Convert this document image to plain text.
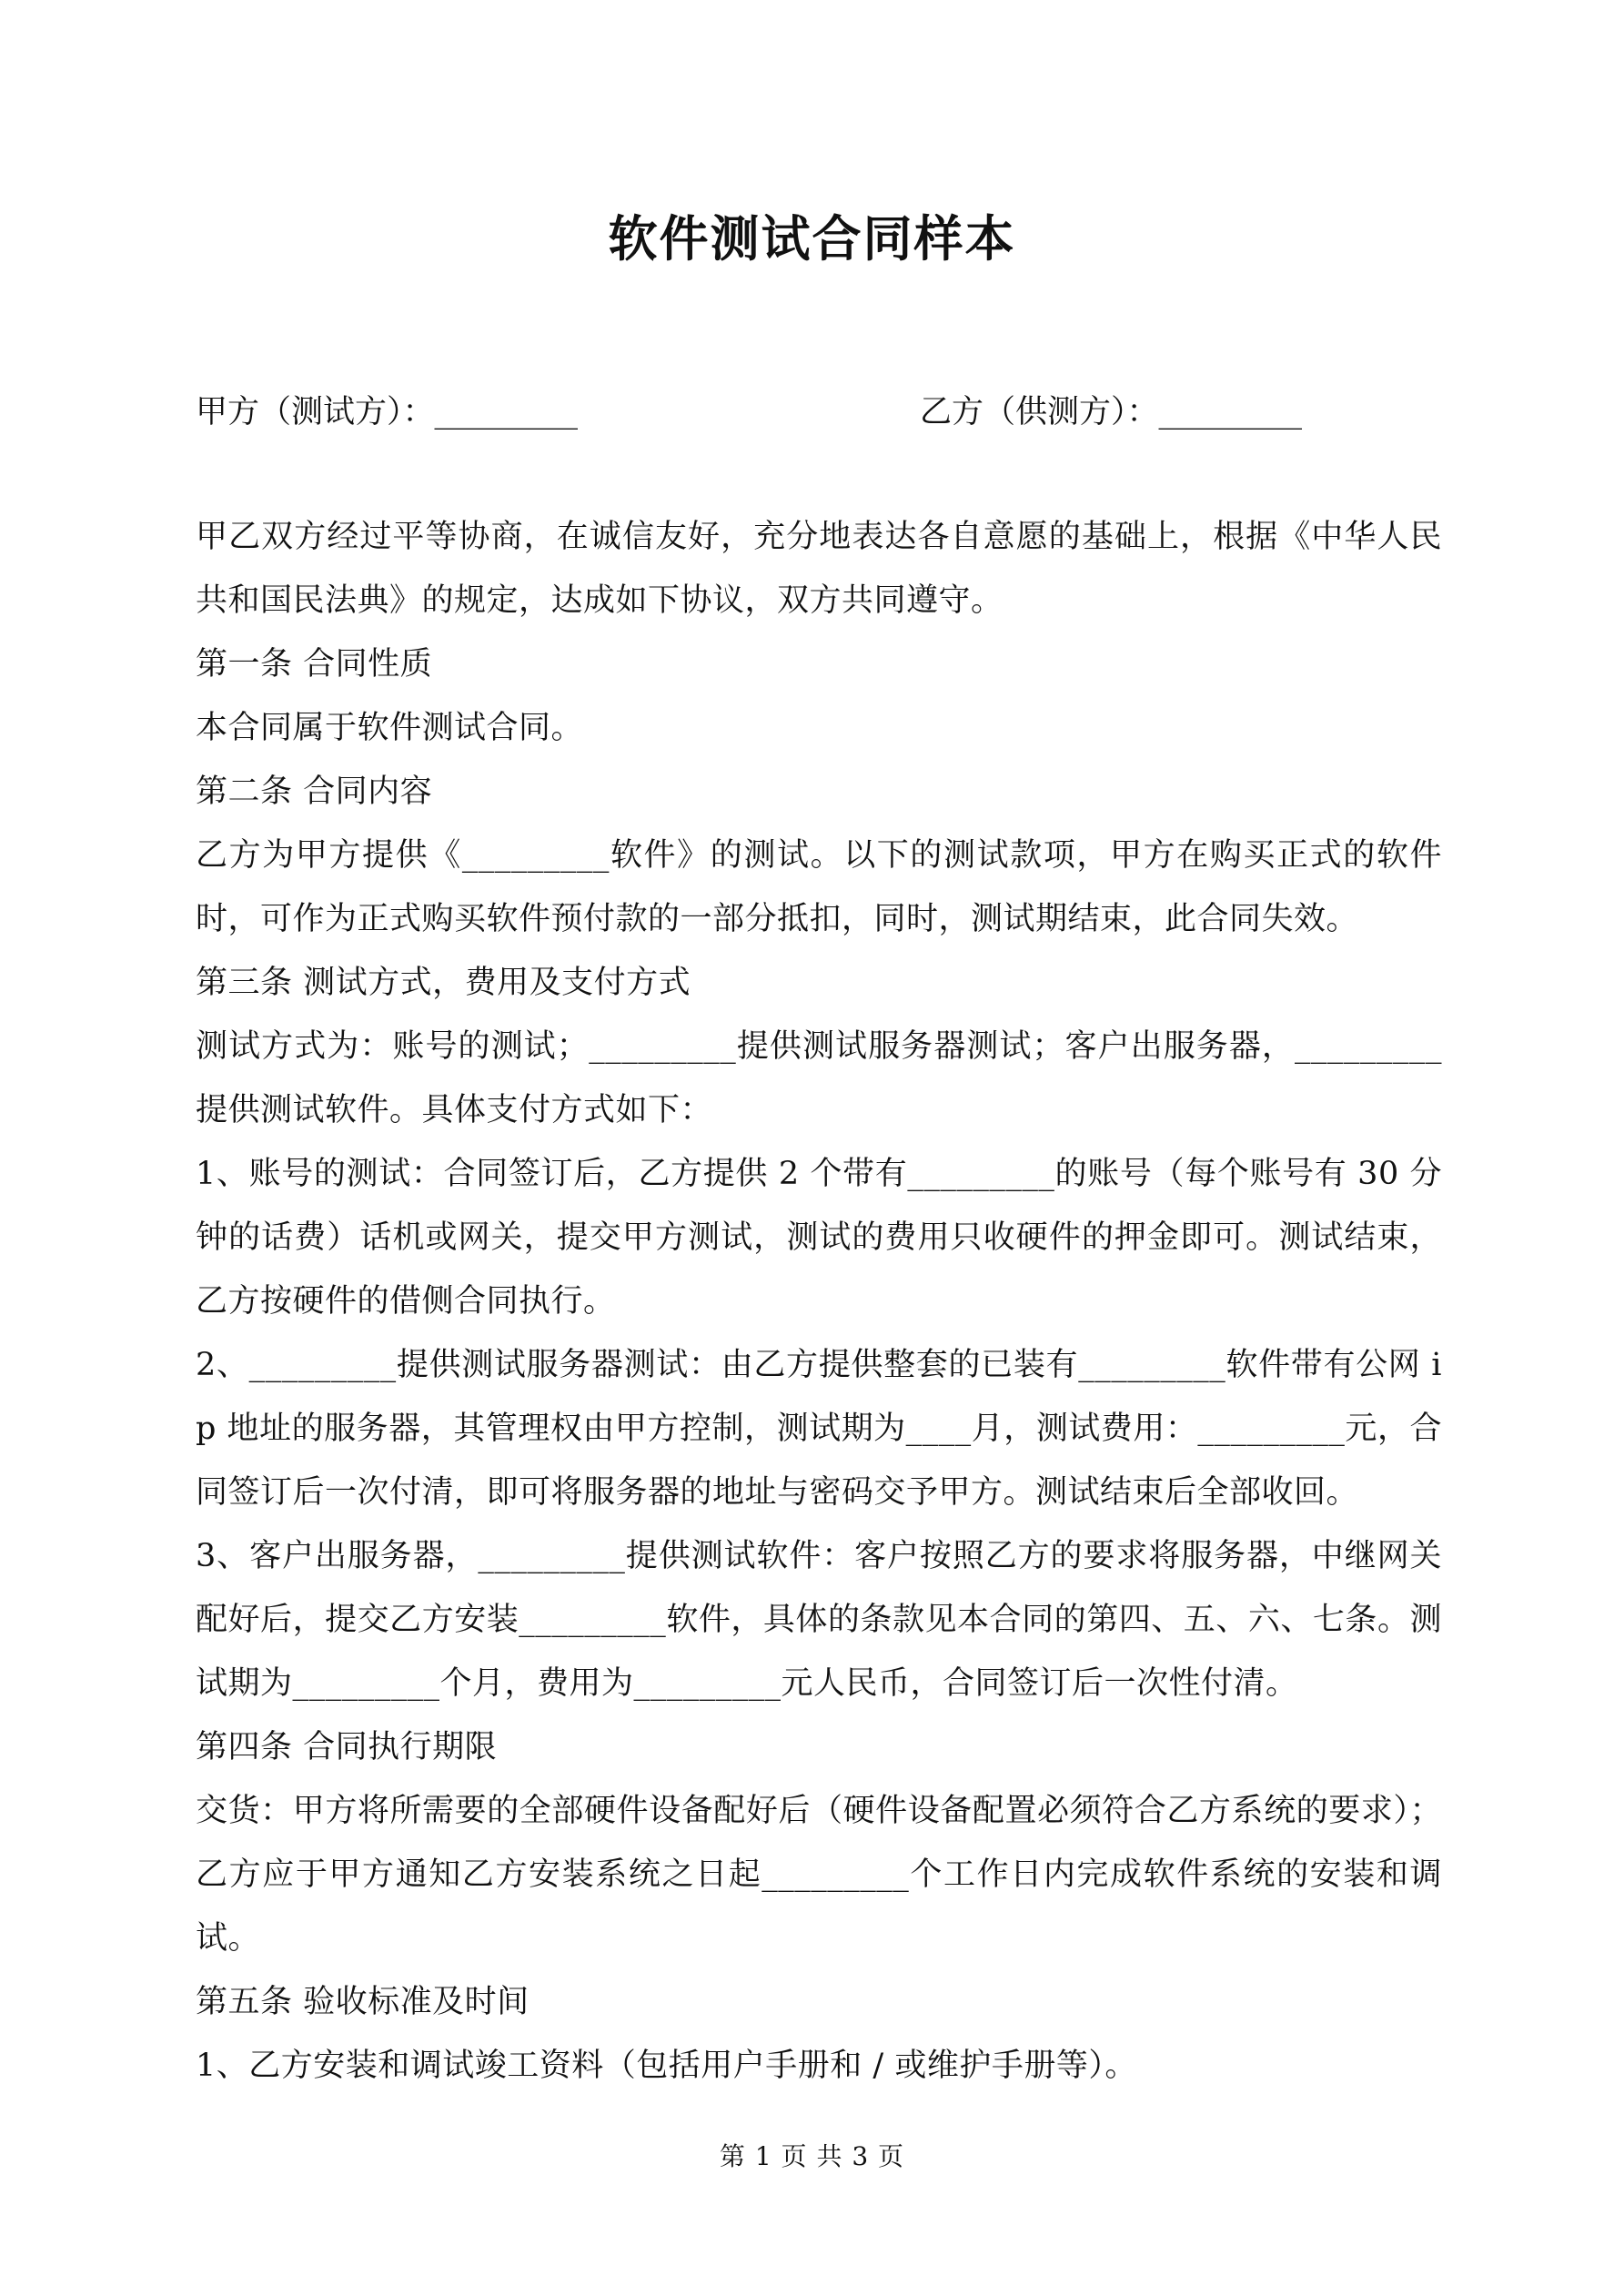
软件测试合同样本
甲方（测试方）：_________	乙方（供测方）：_________

甲乙双方经过平等协商，在诚信友好，充分地表达各自意愿的基础上，根据《中华人民共和国民法典》的规定，达成如下协议，双方共同遵守。

第一条 合同性质

本合同属于软件测试合同。

第二条 合同内容

乙方为甲方提供《_________软件》的测试。以下的测试款项，甲方在购买正式的软件时，可作为正式购买软件预付款的一部分抵扣，同时，测试期结束，此合同失效。

第三条 测试方式，费用及支付方式

测试方式为：账号的测试；_________提供测试服务器测试；客户出服务器，_________提供测试软件。具体支付方式如下：

1、账号的测试：合同签订后，乙方提供 2 个带有_________的账号（每个账号有 30 分钟的话费）话机或网关，提交甲方测试，测试的费用只收硬件的押金即可。测试结束，乙方按硬件的借侧合同执行。

2、_________提供测试服务器测试：由乙方提供整套的已装有_________软件带有公网 ip 地址的服务器，其管理权由甲方控制，测试期为____月，测试费用：_________元，合同签订后一次付清，即可将服务器的地址与密码交予甲方。测试结束后全部收回。

3、客户出服务器，_________提供测试软件：客户按照乙方的要求将服务器，中继网关配好后，提交乙方安装_________软件，具体的条款见本合同的第四、五、六、七条。测试期为_________个月，费用为_________元人民币，合同签订后一次性付清。

第四条 合同执行期限

交货：甲方将所需要的全部硬件设备配好后（硬件设备配置必须符合乙方系统的要求）；乙方应于甲方通知乙方安装系统之日起_________个工作日内完成软件系统的安装和调试。

第五条 验收标准及时间

1、乙方安装和调试竣工资料（包括用户手册和 / 或维护手册等）。

第 1 页 共 3 页
